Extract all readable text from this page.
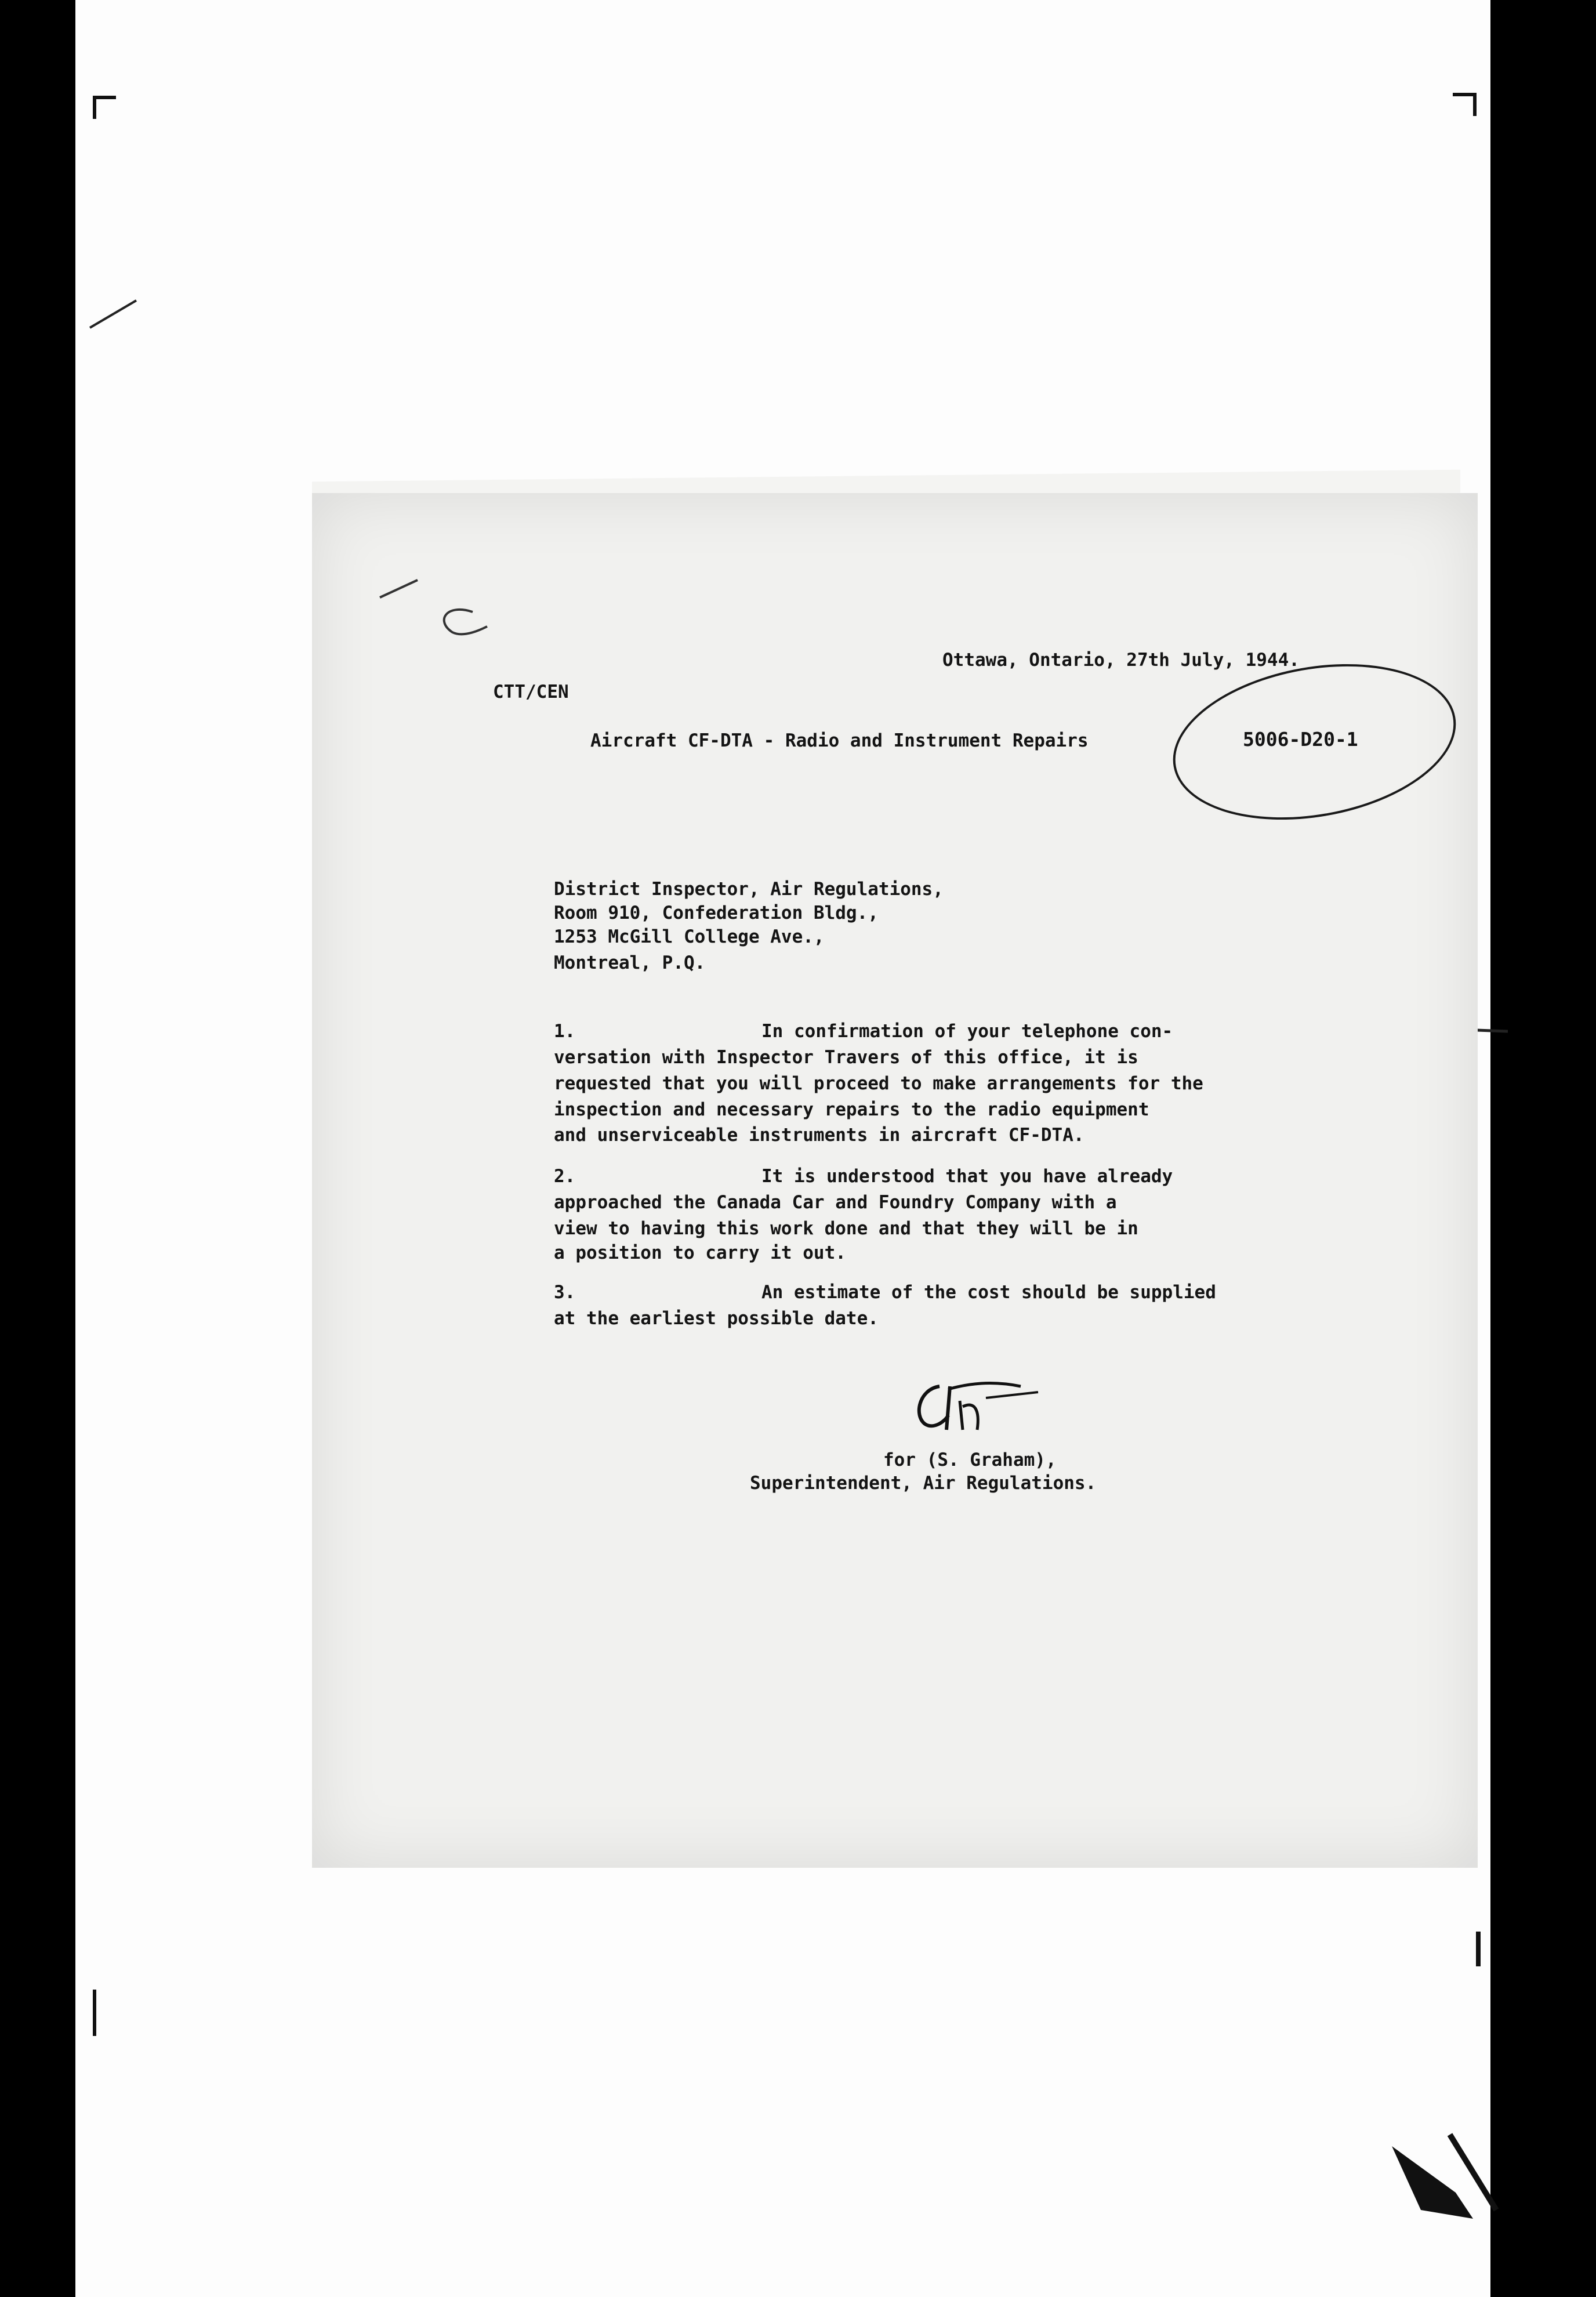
Ottawa, Ontario, 27th July, 1944.
CTT/CEN
Aircraft CF-DTA - Radio and Instrument Repairs	5006-D20-1
District Inspector, Air Regulations,
Room 910, Confederation Bldg.,
1253 McGill College Ave.,
Montreal, P.Q.
1.	In confirmation of your telephone con-
versation with Inspector Travers of this office, it is
requested that you will proceed to make arrangements for the
inspection and necessary repairs to the radio equipment
and unserviceable instruments in aircraft CF-DTA.
2.	It is understood that you have already
approached the Canada Car and Foundry Company with a
view to having this work done and that they will be in
a position to carry it out.
3.	An estimate of the cost should be supplied
at the earliest possible date.
for (S. Graham),
Superintendent, Air Regulations.
